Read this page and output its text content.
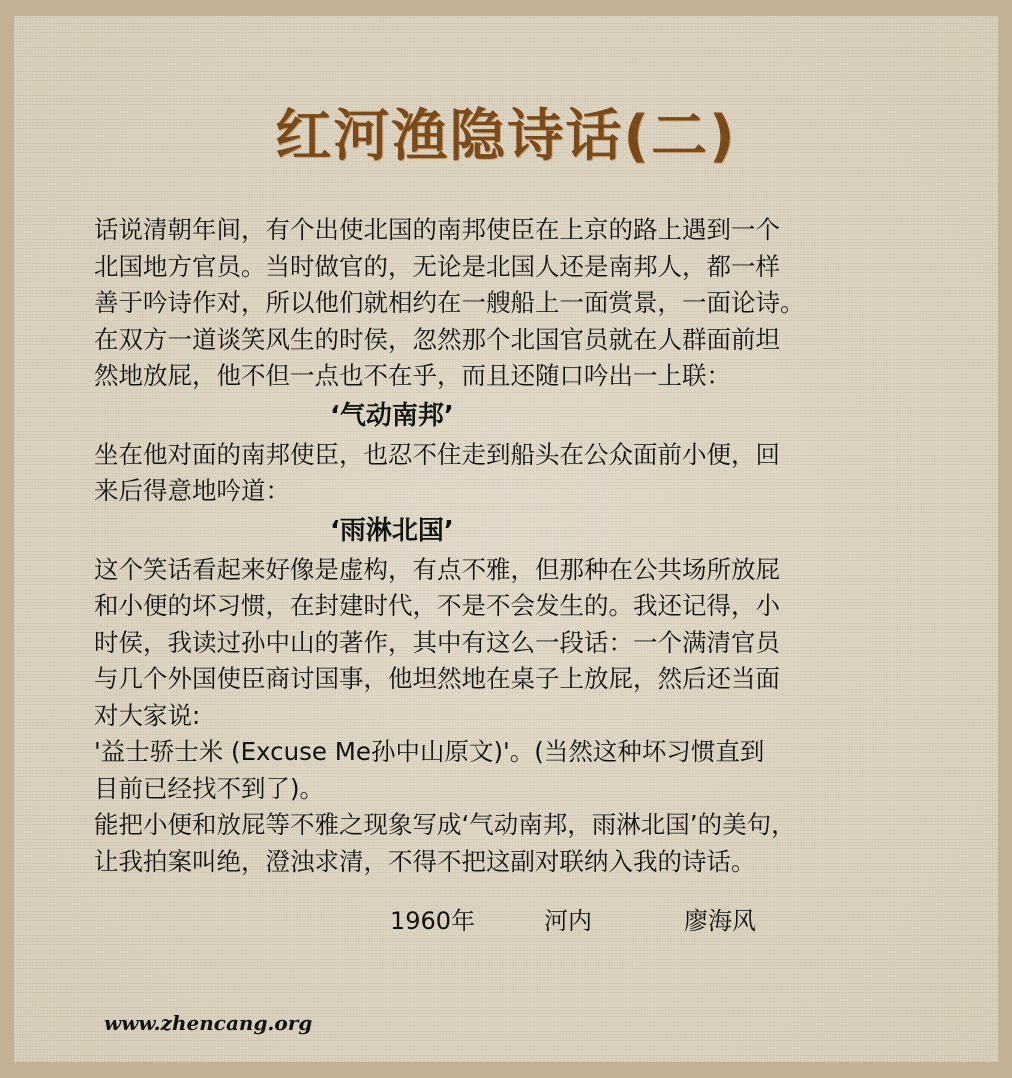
红河渔隐诗话(二)
话说清朝年间，有个出使北国的南邦使臣在上京的路上遇到一个
北国地方官员。当时做官的，无论是北国人还是南邦人，都一样
善于吟诗作对，所以他们就相约在一艘船上一面赏景，一面论诗。
在双方一道谈笑风生的时侯，忽然那个北国官员就在人群面前坦
然地放屁，他不但一点也不在乎，而且还随口吟出一上联：
‘气动南邦’
坐在他对面的南邦使臣，也忍不住走到船头在公众面前小便，回
来后得意地吟道：
‘雨淋北国’
这个笑话看起来好像是虚构，有点不雅，但那种在公共场所放屁
和小便的坏习惯，在封建时代，不是不会发生的。我还记得，小
时侯，我读过孙中山的著作，其中有这么一段话：一个满清官员
与几个外国使臣商讨国事，他坦然地在桌子上放屁，然后还当面
对大家说:
'益士骄士米 (Excuse Me孙中山原文)'。(当然这种坏习惯直到
目前已经找不到了)。
能把小便和放屁等不雅之现象写成‘气动南邦，雨淋北国’的美句，
让我拍案叫绝，澄浊求清，不得不把这副对联纳入我的诗话。
1960年	河内	廖海风
www.zhencang.org
